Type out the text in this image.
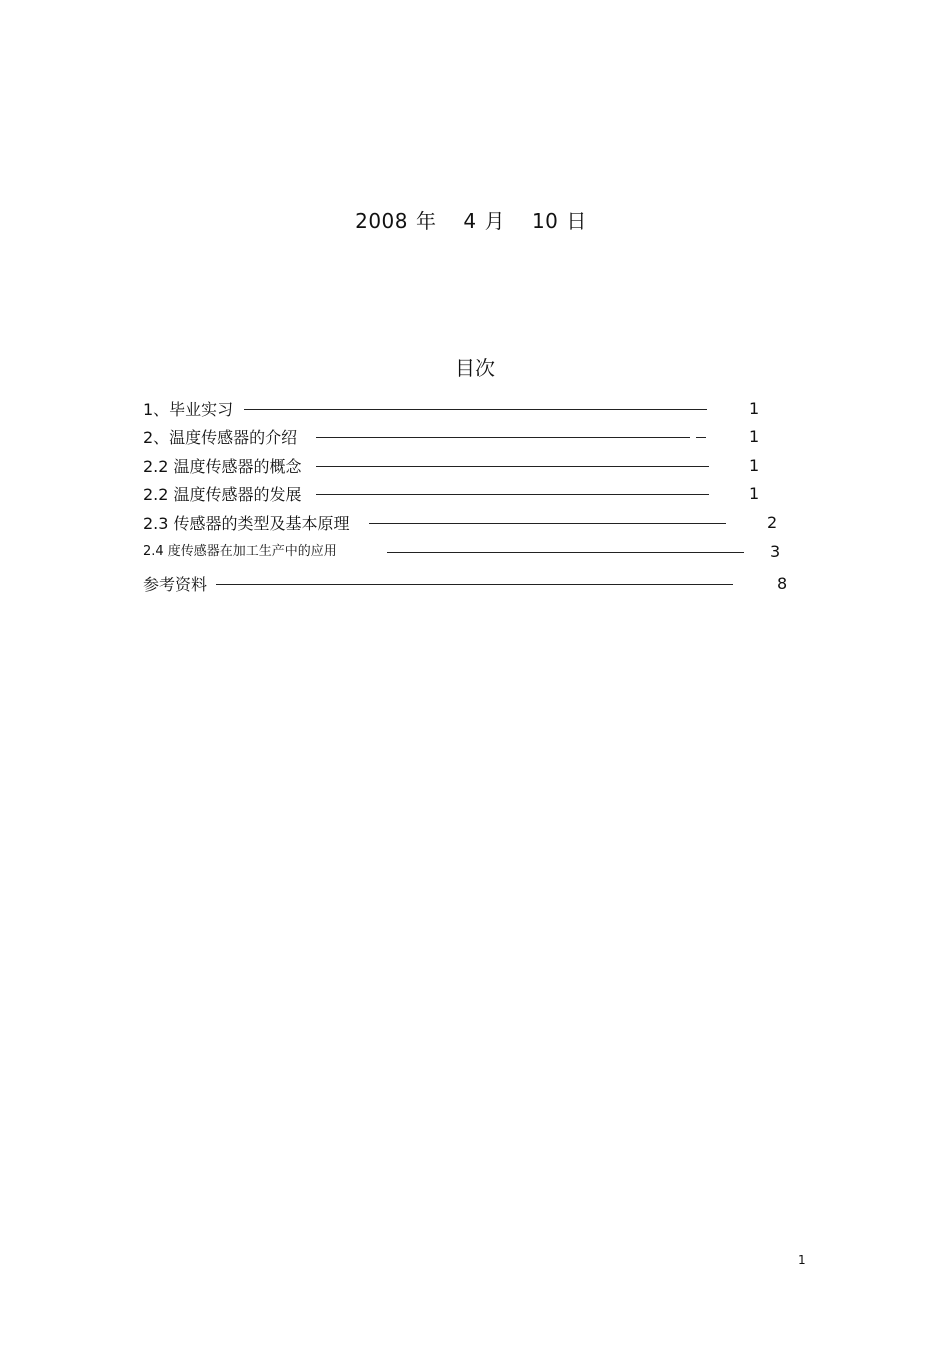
2008 年 4 月 10 日
目次
1、毕业实习	1
2、温度传感器的介绍	1
2.2 温度传感器的概念	1
2.2 温度传感器的发展	1
2.3 传感器的类型及基本原理	2
2.4 度传感器在加工生产中的应用	3
参考资料	8
1
